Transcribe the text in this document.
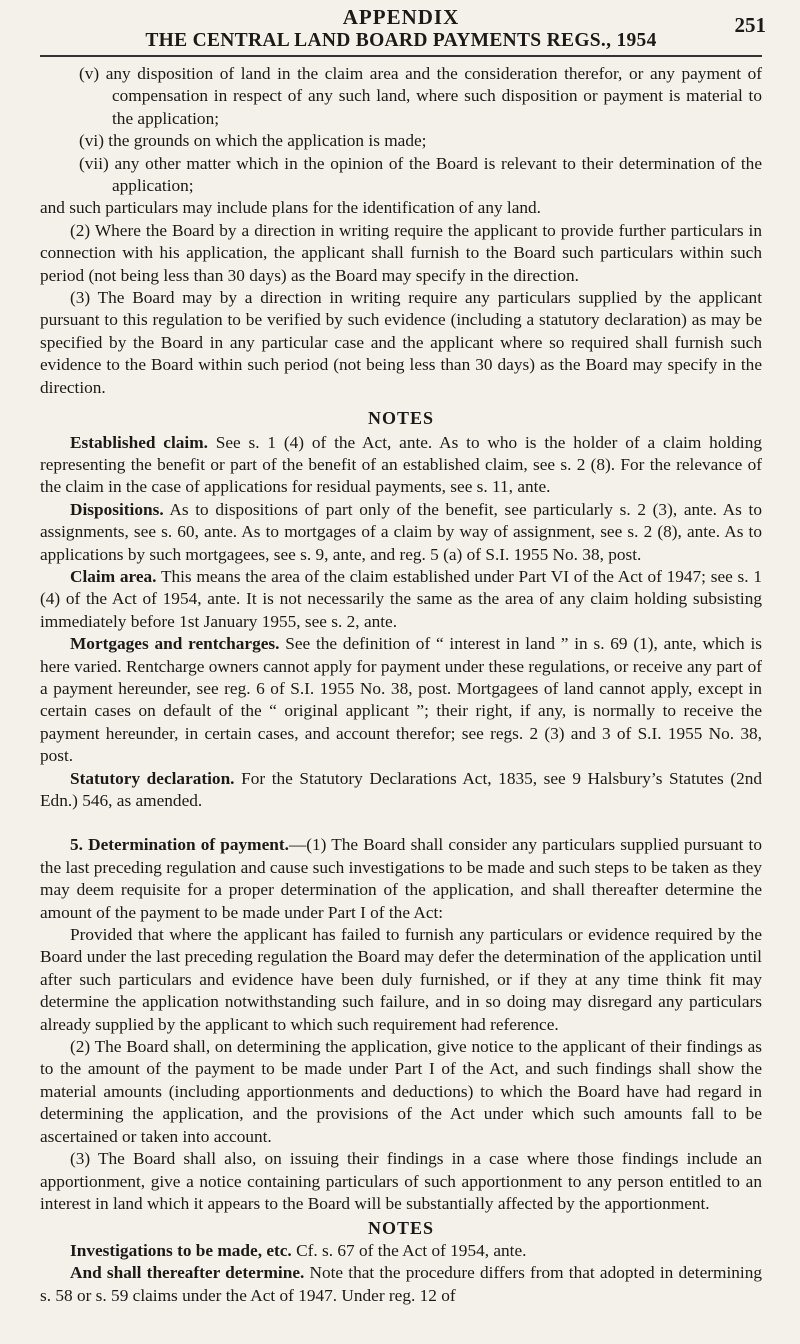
APPENDIX	251
THE CENTRAL LAND BOARD PAYMENTS REGS., 1954

(v) any disposition of land in the claim area and the consideration therefor, or any payment of compensation in respect of any such land, where such disposition or payment is material to the application;

(vi) the grounds on which the application is made;

(vii) any other matter which in the opinion of the Board is relevant to their determination of the application;

and such particulars may include plans for the identification of any land.

(2) Where the Board by a direction in writing require the applicant to provide further particulars in connection with his application, the applicant shall furnish to the Board such particulars within such period (not being less than 30 days) as the Board may specify in the direction.

(3) The Board may by a direction in writing require any particulars supplied by the applicant pursuant to this regulation to be verified by such evidence (including a statutory declaration) as may be specified by the Board in any particular case and the applicant where so required shall furnish such evidence to the Board within such period (not being less than 30 days) as the Board may specify in the direction.

NOTES

Established claim. See s. 1 (4) of the Act, ante. As to who is the holder of a claim holding representing the benefit or part of the benefit of an established claim, see s. 2 (8). For the relevance of the claim in the case of applications for residual payments, see s. 11, ante.

Dispositions. As to dispositions of part only of the benefit, see particularly s. 2 (3), ante. As to assignments, see s. 60, ante. As to mortgages of a claim by way of assignment, see s. 2 (8), ante. As to applications by such mortgagees, see s. 9, ante, and reg. 5 (a) of S.I. 1955 No. 38, post.

Claim area. This means the area of the claim established under Part VI of the Act of 1947; see s. 1 (4) of the Act of 1954, ante. It is not necessarily the same as the area of any claim holding subsisting immediately before 1st January 1955, see s. 2, ante.

Mortgages and rentcharges. See the definition of “ interest in land ” in s. 69 (1), ante, which is here varied. Rentcharge owners cannot apply for payment under these regulations, or receive any part of a payment hereunder, see reg. 6 of S.I. 1955 No. 38, post. Mortgagees of land cannot apply, except in certain cases on default of the “ original applicant ”; their right, if any, is normally to receive the payment hereunder, in certain cases, and account therefor; see regs. 2 (3) and 3 of S.I. 1955 No. 38, post.

Statutory declaration. For the Statutory Declarations Act, 1835, see 9 Halsbury’s Statutes (2nd Edn.) 546, as amended.

5. Determination of payment.—(1) The Board shall consider any particulars supplied pursuant to the last preceding regulation and cause such investigations to be made and such steps to be taken as they may deem requisite for a proper determination of the application, and shall thereafter determine the amount of the payment to be made under Part I of the Act:

Provided that where the applicant has failed to furnish any particulars or evidence required by the Board under the last preceding regulation the Board may defer the determination of the application until after such particulars and evidence have been duly furnished, or if they at any time think fit may determine the application notwithstanding such failure, and in so doing may disregard any particulars already supplied by the applicant to which such requirement had reference.

(2) The Board shall, on determining the application, give notice to the applicant of their findings as to the amount of the payment to be made under Part I of the Act, and such findings shall show the material amounts (including apportionments and deductions) to which the Board have had regard in determining the application, and the provisions of the Act under which such amounts fall to be ascertained or taken into account.

(3) The Board shall also, on issuing their findings in a case where those findings include an apportionment, give a notice containing particulars of such apportionment to any person entitled to an interest in land which it appears to the Board will be substantially affected by the apportionment.

NOTES

Investigations to be made, etc. Cf. s. 67 of the Act of 1954, ante.

And shall thereafter determine. Note that the procedure differs from that adopted in determining s. 58 or s. 59 claims under the Act of 1947. Under reg. 12 of
